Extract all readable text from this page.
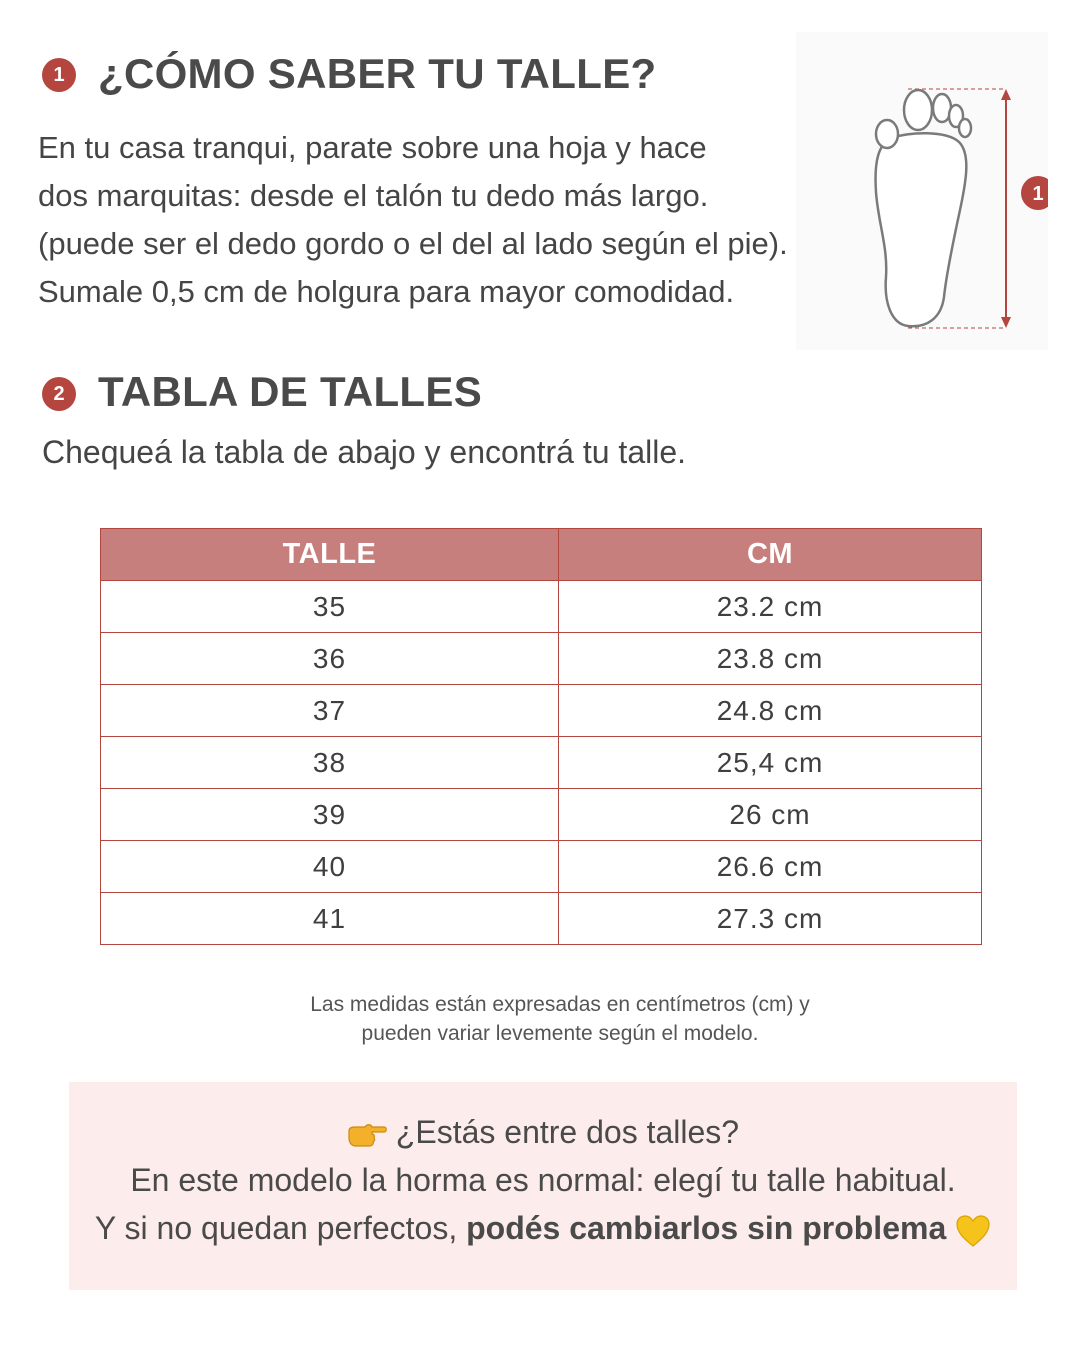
1 ¿CÓMO SABER TU TALLE?
En tu casa tranqui, parate sobre una hoja y hace
dos marquitas: desde el talón tu dedo más largo.
(puede ser el dedo gordo o el del al lado según el pie).
Sumale 0,5 cm de holgura para mayor comodidad.
1
2 TABLA DE TALLES
Chequeá la tabla de abajo y encontrá tu talle.
TALLE	CM
35	23.2 cm
36	23.8 cm
37	24.8 cm
38	25,4 cm
39	26 cm
40	26.6 cm
41	27.3 cm
Las medidas están expresadas en centímetros (cm) y
pueden variar levemente según el modelo.
¿Estás entre dos talles?
En este modelo la horma es normal: elegí tu talle habitual.
Y si no quedan perfectos, podés cambiarlos sin problema
